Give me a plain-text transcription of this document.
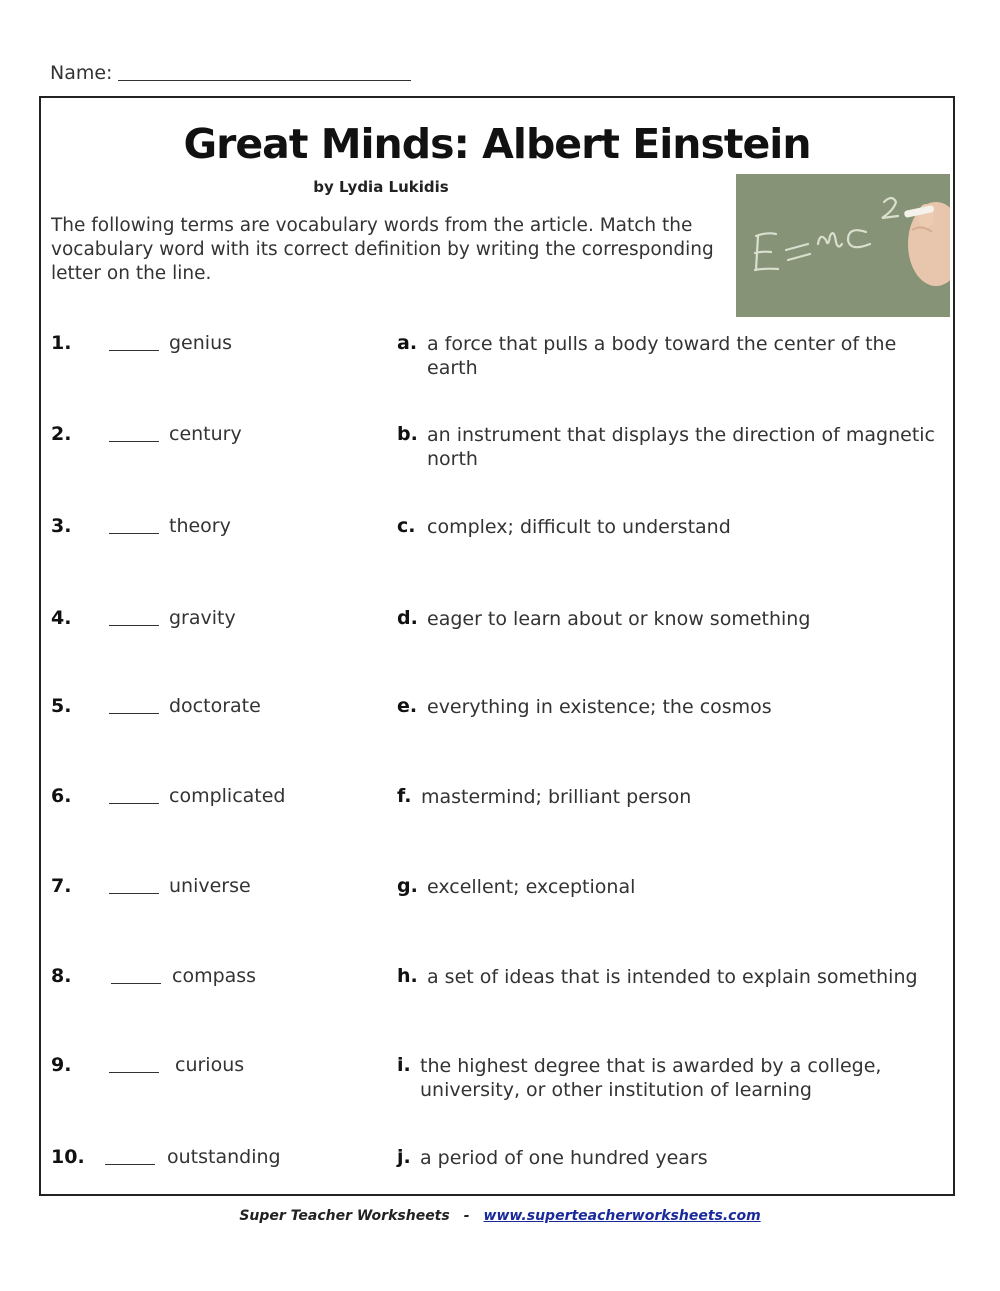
Name:
Great Minds: Albert Einstein
by Lydia Lukidis
The following terms are vocabulary words from the article. Match the vocabulary word with its correct definition by writing the corresponding letter on the line.
1.	genius	a. a force that pulls a body toward the center of the earth
2.	century	b. an instrument that displays the direction of magnetic north
3.	theory	c. complex; difficult to understand
4.	gravity	d. eager to learn about or know something
5.	doctorate	e. everything in existence; the cosmos
6.	complicated	f. mastermind; brilliant person
7.	universe	g. excellent; exceptional
8.	compass	h. a set of ideas that is intended to explain something
9.	curious	i. the highest degree that is awarded by a college, university, or other institution of learning
10.	outstanding	j. a period of one hundred years
Super Teacher Worksheets - www.superteacherworksheets.com
